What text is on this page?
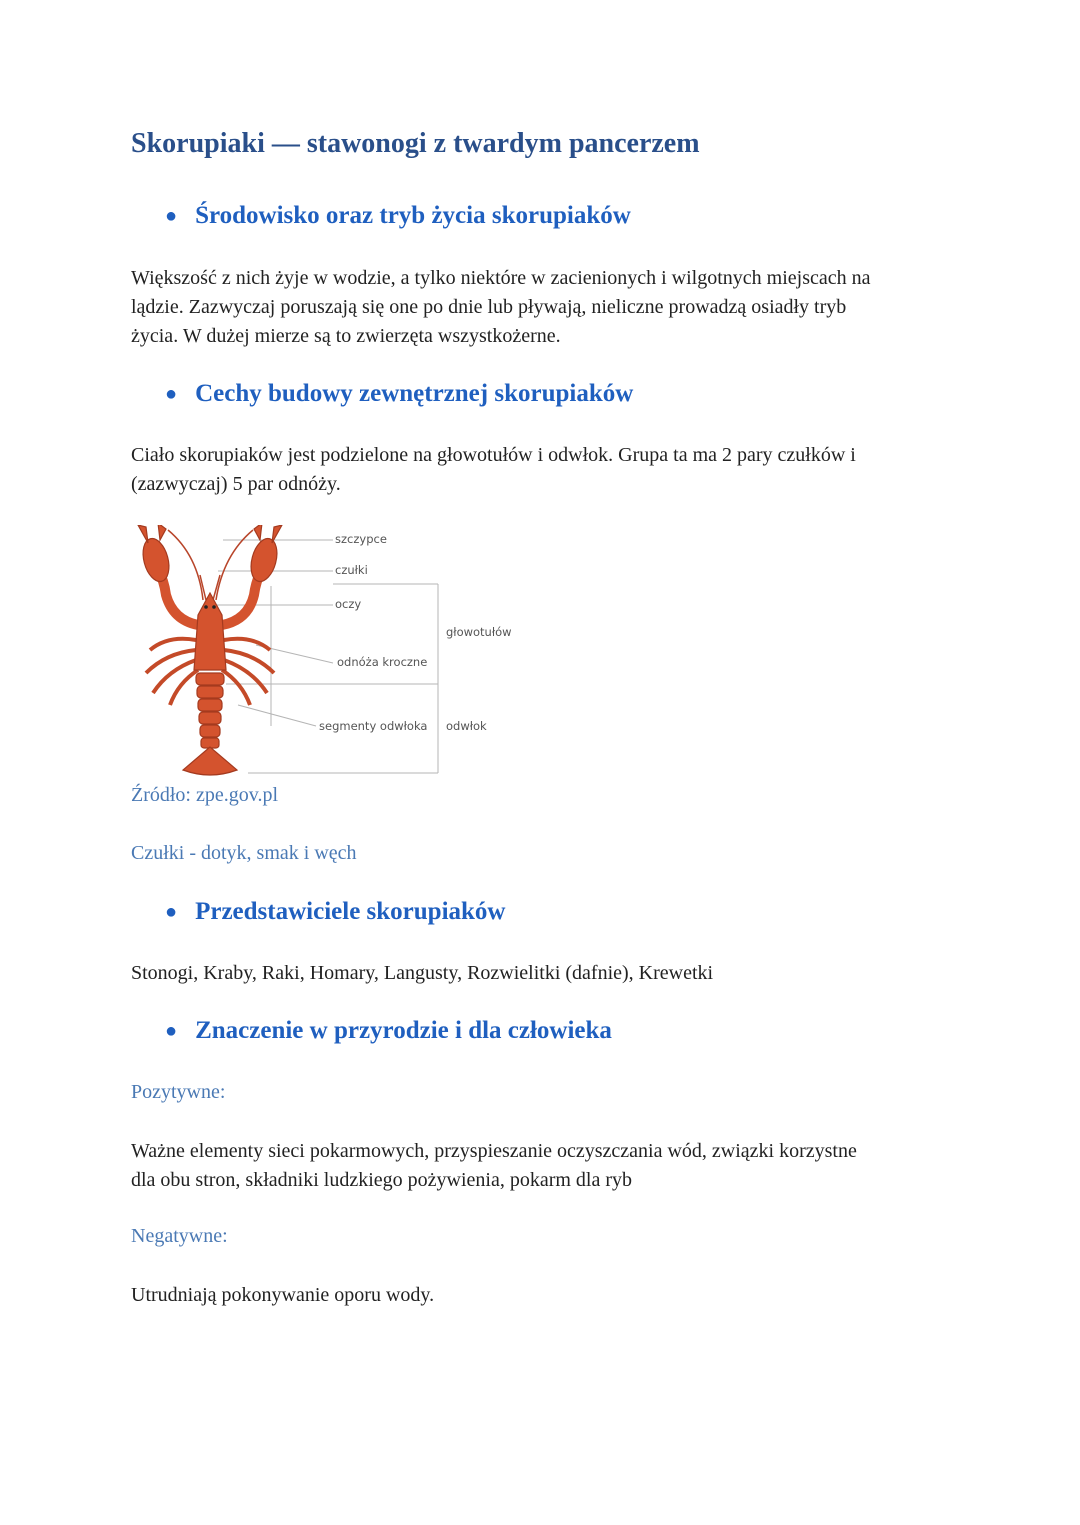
Skorupiaki — stawonogi z twardym pancerzem
● Środowisko oraz tryb życia skorupiaków

Większość z nich żyje w wodzie, a tylko niektóre w zacienionych i wilgotnych miejscach na
lądzie. Zazwyczaj poruszają się one po dnie lub pływają, nieliczne prowadzą osiadły tryb
życia. W dużej mierze są to zwierzęta wszystkożerne.

● Cechy budowy zewnętrznej skorupiaków

Ciało skorupiaków jest podzielone na głowotułów i odwłok. Grupa ta ma 2 pary czułków i
(zazwyczaj) 5 par odnóży.

szczypce
czułki
oczy
odnóża kroczne
segmenty odwłoka
głowotułów
odwłok

Źródło: zpe.gov.pl

Czułki - dotyk, smak i węch

● Przedstawiciele skorupiaków

Stonogi, Kraby, Raki, Homary, Langusty, Rozwielitki (dafnie), Krewetki

● Znaczenie w przyrodzie i dla człowieka

Pozytywne:

Ważne elementy sieci pokarmowych, przyspieszanie oczyszczania wód, związki korzystne
dla obu stron, składniki ludzkiego pożywienia, pokarm dla ryb

Negatywne:

Utrudniają pokonywanie oporu wody.
